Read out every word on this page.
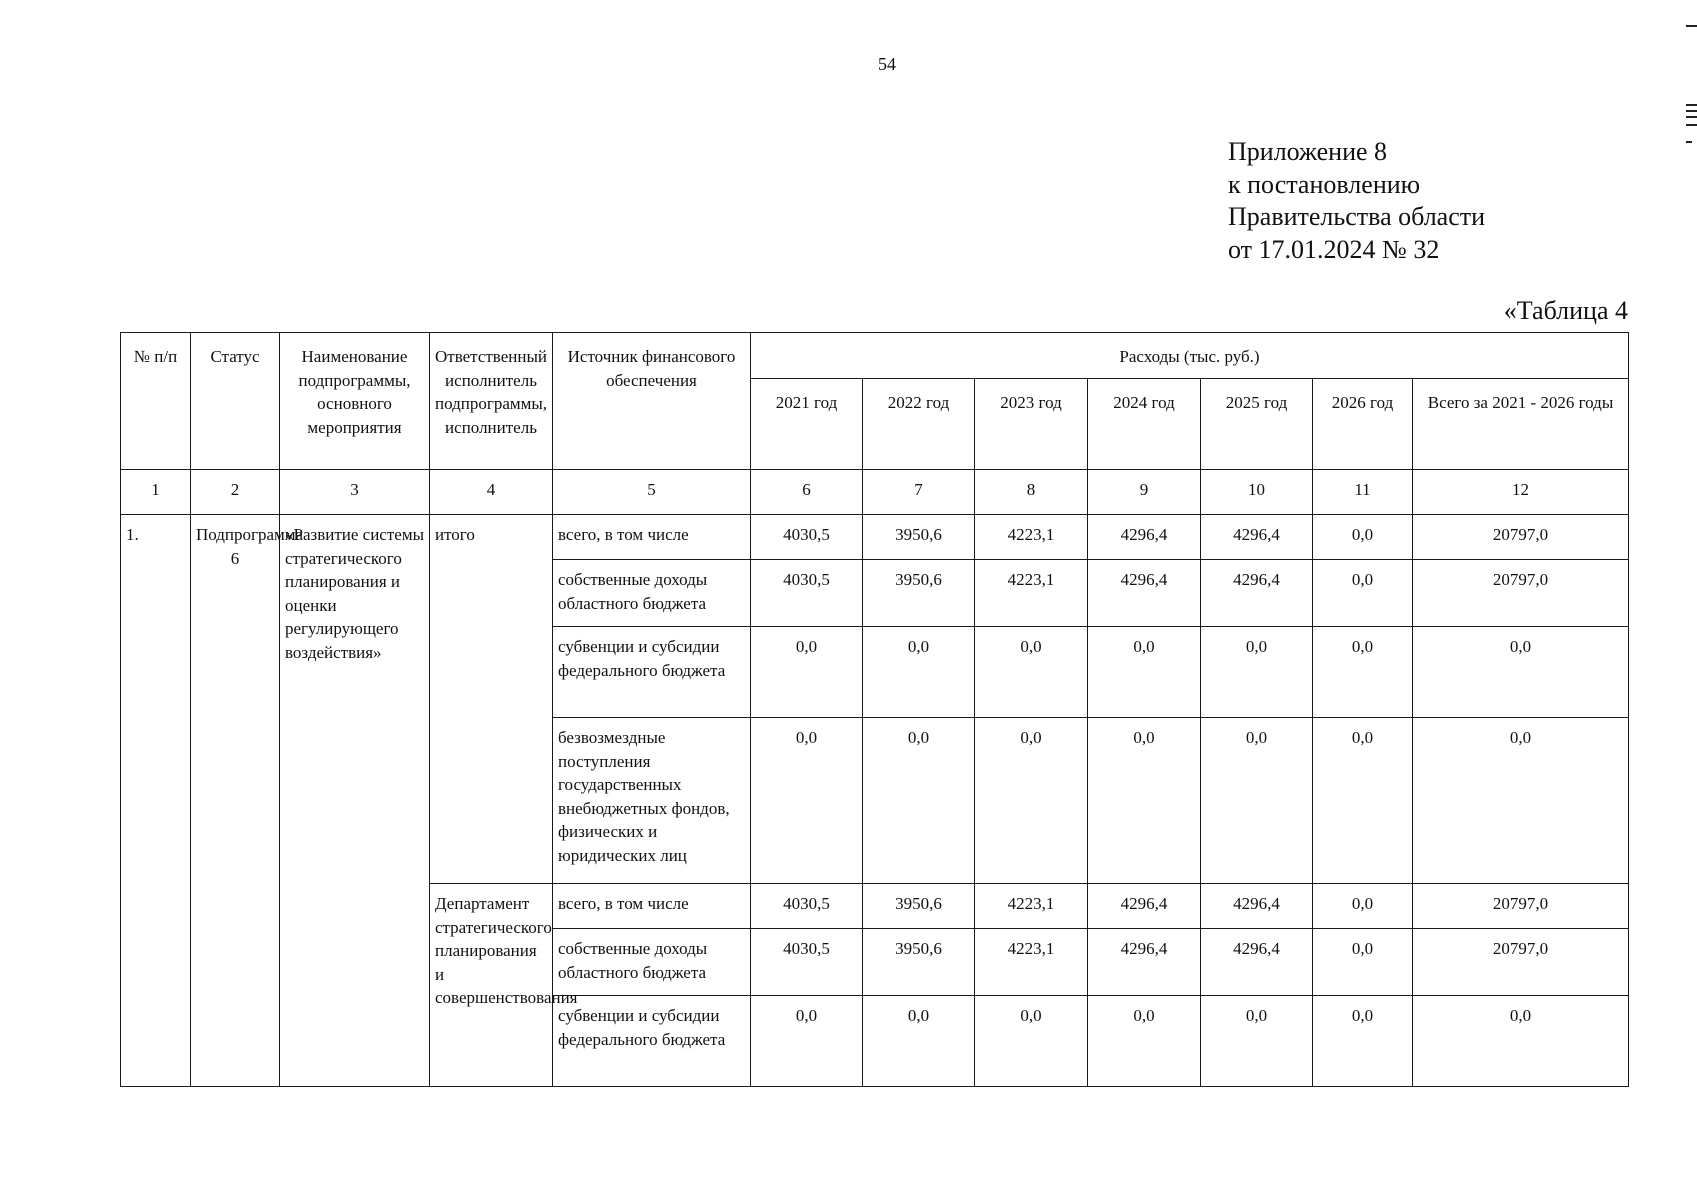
54
Приложение 8
к постановлению
Правительства области
от 17.01.2024 № 32
«Таблица 4
№ п/п	Статус	Наименование подпрограммы, основного мероприятия	Ответственный исполнитель подпрограммы, исполнитель	Источник финансового обеспечения	Расходы (тыс. руб.)						
					2021 год	2022 год	2023 год	2024 год	2025 год	2026 год	Всего за 2021 - 2026 годы
1	2	3	4	5	6	7	8	9	10	11	12
1.	Подпрограмма 6	«Развитие системы стратегического планирования и оценки регулирующего воздействия»	итого	всего, в том числе	4030,5	3950,6	4223,1	4296,4	4296,4	0,0	20797,0
				собственные доходы областного бюджета	4030,5	3950,6	4223,1	4296,4	4296,4	0,0	20797,0
				субвенции и субсидии федерального бюджета	0,0	0,0	0,0	0,0	0,0	0,0	0,0
				безвозмездные поступления государственных внебюджетных фондов, физических и юридических лиц	0,0	0,0	0,0	0,0	0,0	0,0	0,0
			Департамент стратегического планирования и совершенствования	всего, в том числе	4030,5	3950,6	4223,1	4296,4	4296,4	0,0	20797,0
				собственные доходы областного бюджета	4030,5	3950,6	4223,1	4296,4	4296,4	0,0	20797,0
				субвенции и субсидии федерального бюджета	0,0	0,0	0,0	0,0	0,0	0,0	0,0
